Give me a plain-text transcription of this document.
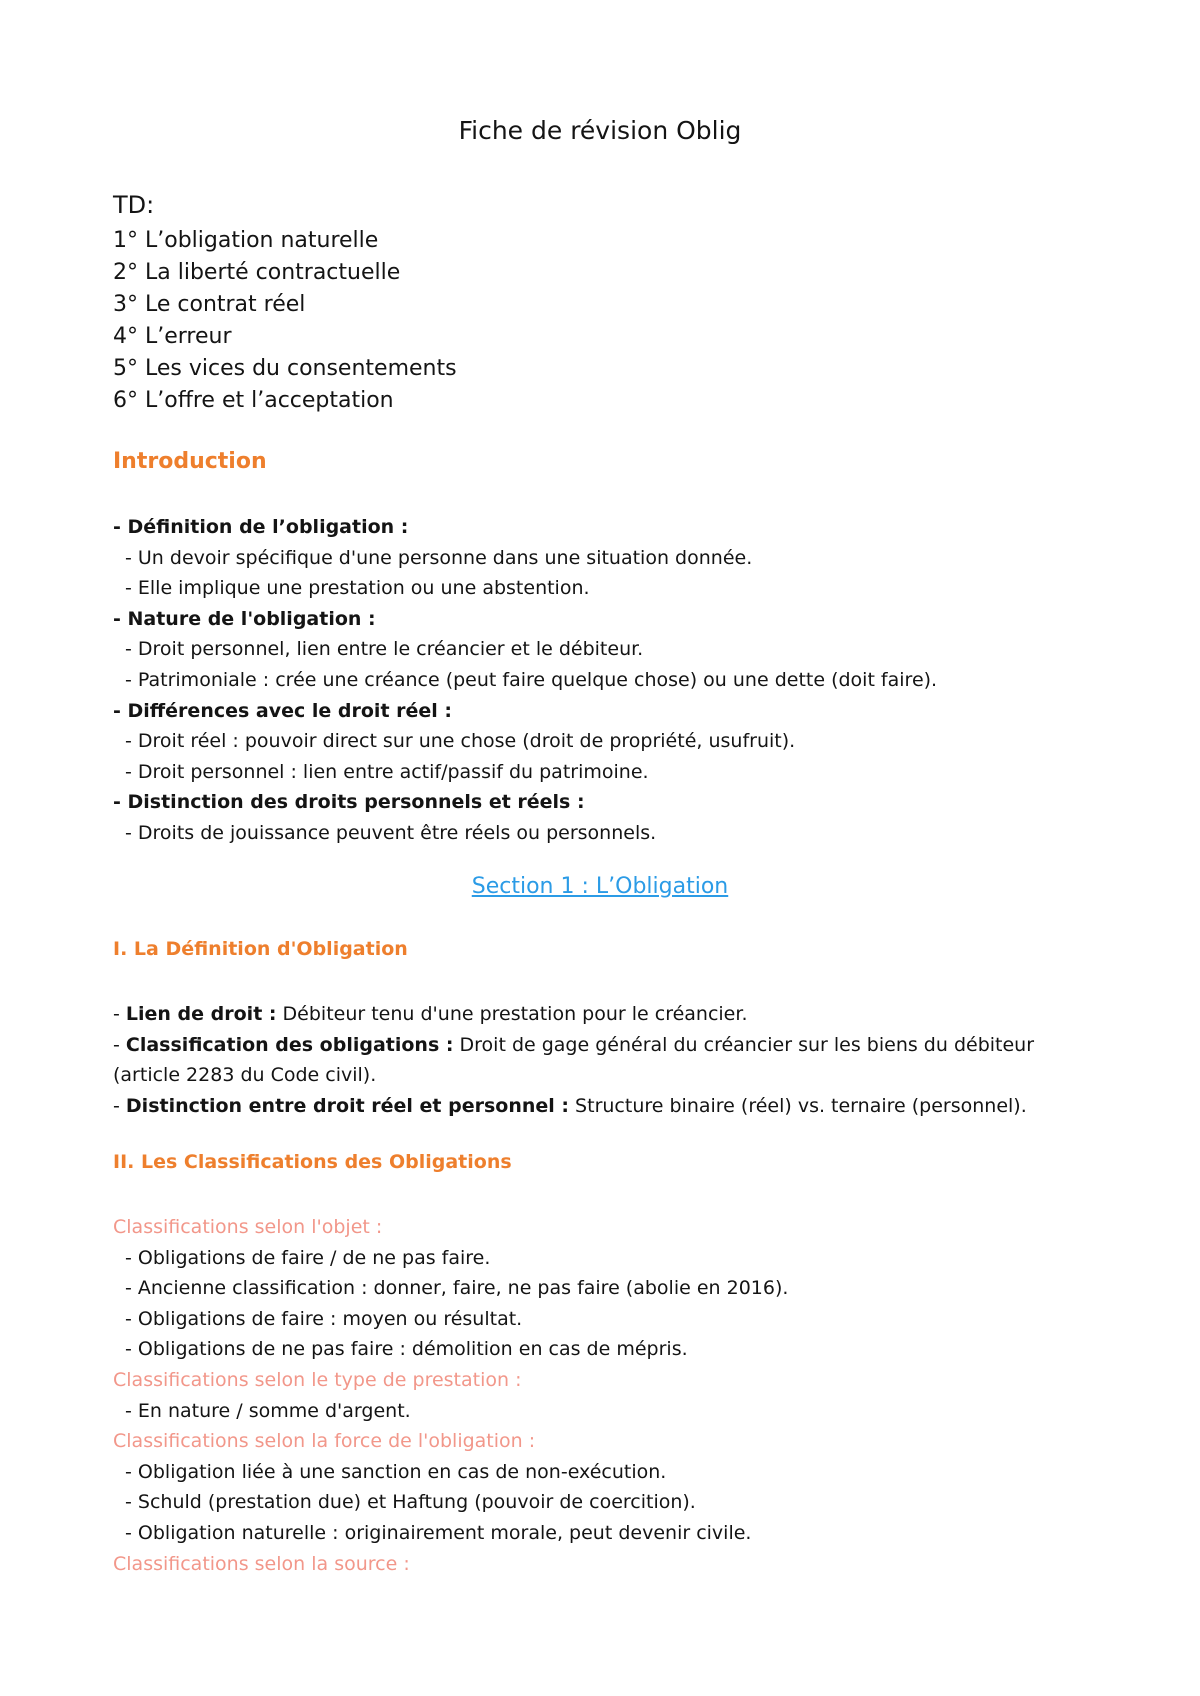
Fiche de révision Oblig
TD:
1° L’obligation naturelle
2° La liberté contractuelle
3° Le contrat réel
4° L’erreur
5° Les vices du consentements
6° L’offre et l’acceptation
Introduction
- Définition de l’obligation :
- Un devoir spécifique d'une personne dans une situation donnée.
- Elle implique une prestation ou une abstention.
- Nature de l'obligation :
- Droit personnel, lien entre le créancier et le débiteur.
- Patrimoniale : crée une créance (peut faire quelque chose) ou une dette (doit faire).
- Différences avec le droit réel :
- Droit réel : pouvoir direct sur une chose (droit de propriété, usufruit).
- Droit personnel : lien entre actif/passif du patrimoine.
- Distinction des droits personnels et réels :
- Droits de jouissance peuvent être réels ou personnels.
Section 1 : L’Obligation
I. La Définition d'Obligation
- Lien de droit : Débiteur tenu d'une prestation pour le créancier.
- Classification des obligations : Droit de gage général du créancier sur les biens du débiteur (article 2283 du Code civil).
- Distinction entre droit réel et personnel : Structure binaire (réel) vs. ternaire (personnel).
II. Les Classifications des Obligations
Classifications selon l'objet :
- Obligations de faire / de ne pas faire.
- Ancienne classification : donner, faire, ne pas faire (abolie en 2016).
- Obligations de faire : moyen ou résultat.
- Obligations de ne pas faire : démolition en cas de mépris.
Classifications selon le type de prestation :
- En nature / somme d'argent.
Classifications selon la force de l'obligation :
- Obligation liée à une sanction en cas de non-exécution.
- Schuld (prestation due) et Haftung (pouvoir de coercition).
- Obligation naturelle : originairement morale, peut devenir civile.
Classifications selon la source :
